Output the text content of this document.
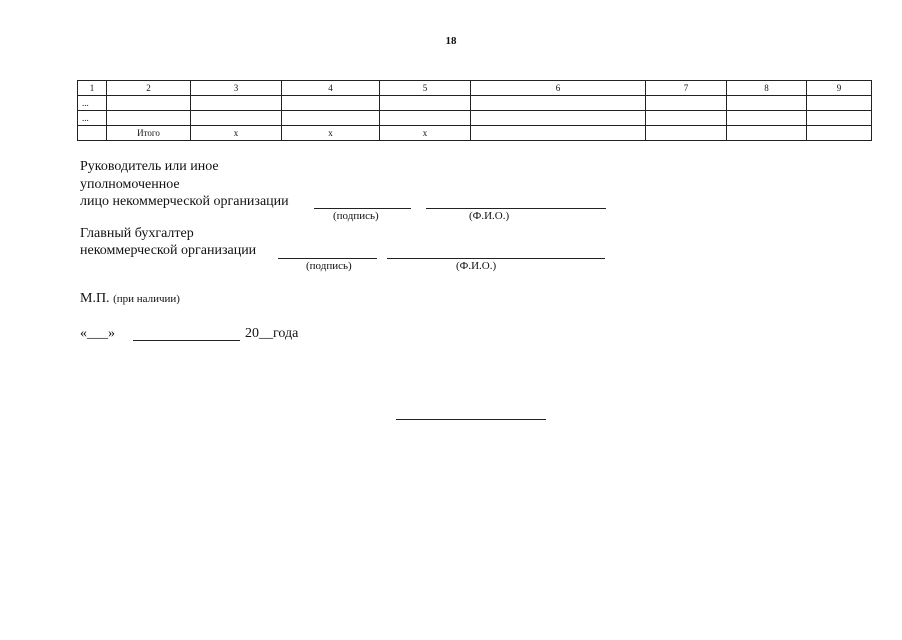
18
1	2	3	4	5	6	7	8	9
...								
...								
	Итого	x	x	x				
Руководитель или иное
уполномоченное
лицо некоммерческой организации
(подпись)	(Ф.И.О.)
Главный бухгалтер
некоммерческой организации
(подпись)	(Ф.И.О.)
М.П. (при наличии)
«___»	20__года
